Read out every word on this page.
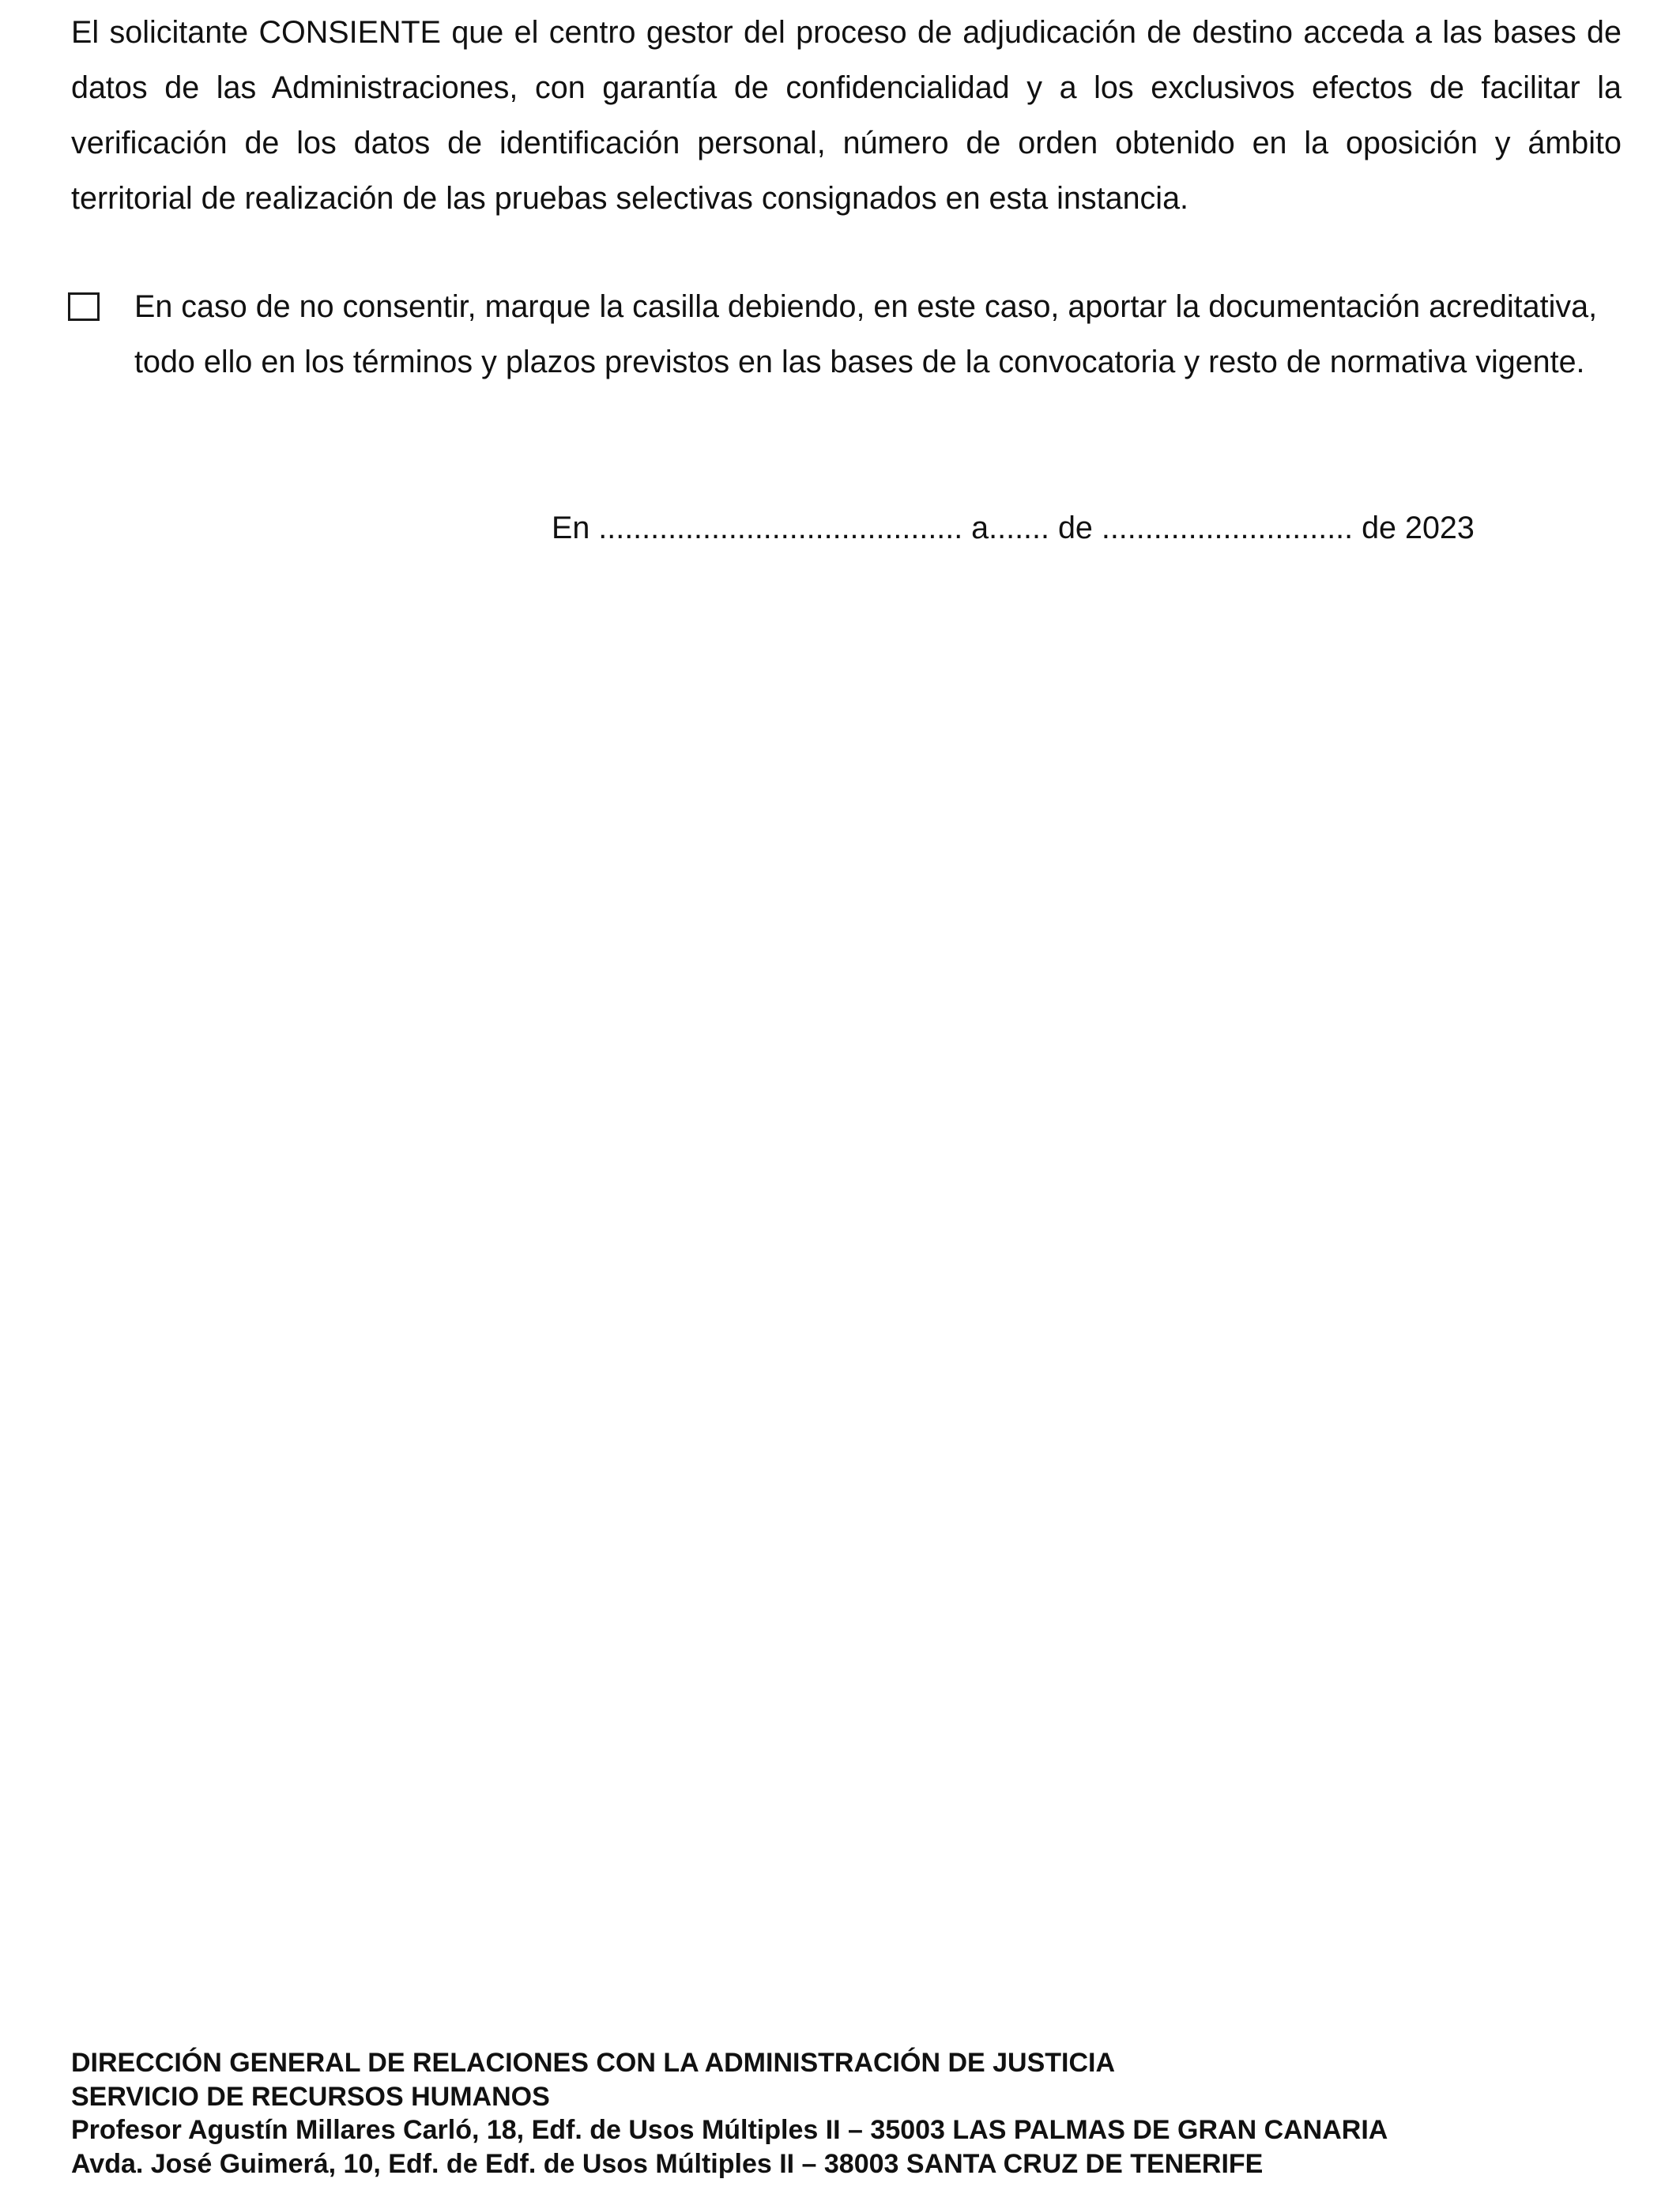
El solicitante CONSIENTE que el centro gestor del proceso de adjudicación de destino acceda a las bases de datos de las Administraciones, con garantía de confidencialidad y a los exclusivos efectos de facilitar la verificación de los datos de identificación personal, número de orden obtenido en la oposición y ámbito territorial de realización de las pruebas selectivas consignados en esta instancia.

En caso de no consentir, marque la casilla debiendo, en este caso, aportar la documentación acreditativa,
todo ello en los términos y plazos previstos en las bases de la convocatoria y resto de normativa vigente.

En .......................................... a....... de ............................. de 2023

DIRECCIÓN GENERAL DE RELACIONES CON LA ADMINISTRACIÓN DE JUSTICIA
SERVICIO DE RECURSOS HUMANOS
Profesor Agustín Millares Carló, 18, Edf. de Usos Múltiples II – 35003 LAS PALMAS DE GRAN CANARIA
Avda. José Guimerá, 10, Edf. de Edf. de Usos Múltiples II – 38003 SANTA CRUZ DE TENERIFE
